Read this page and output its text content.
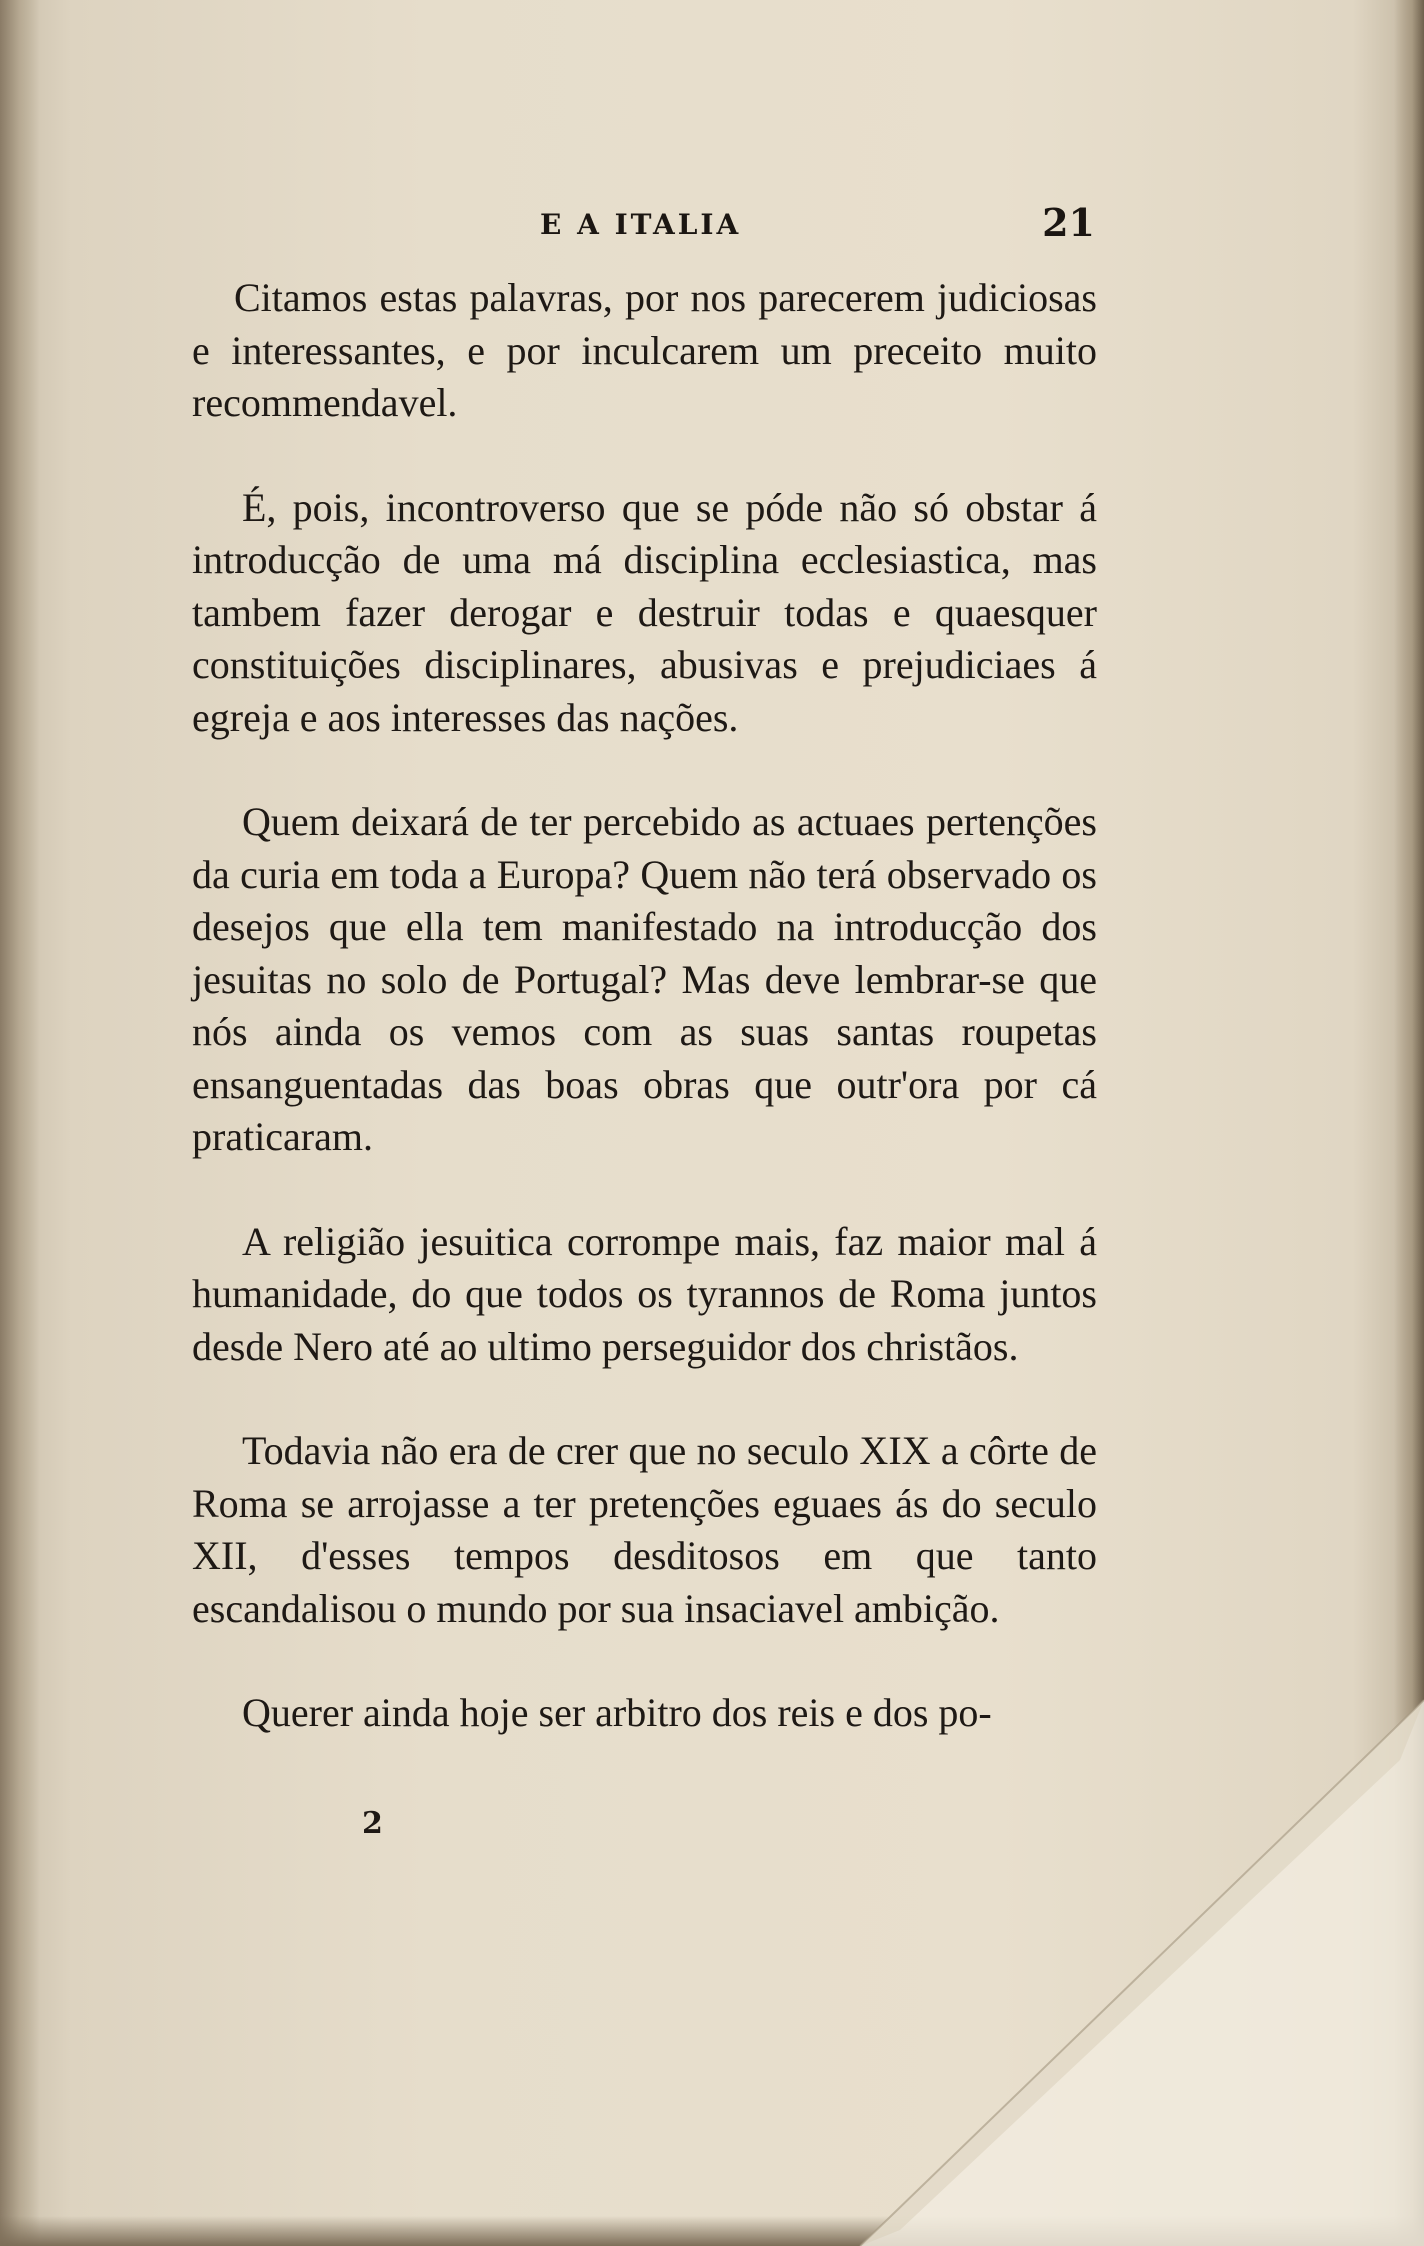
E A ITALIA	21

Citamos estas palavras, por nos parecerem judiciosas e interessantes, e por inculcarem um preceito muito recommendavel.

É, pois, incontroverso que se póde não só obstar á introducção de uma má disciplina ecclesiastica, mas tambem fazer derogar e destruir todas e quaesquer constituições disciplinares, abusivas e prejudiciaes á egreja e aos interesses das nações.

Quem deixará de ter percebido as actuaes pertenções da curia em toda a Europa? Quem não terá observado os desejos que ella tem manifestado na introducção dos jesuitas no solo de Portugal? Mas deve lembrar-se que nós ainda os vemos com as suas santas roupetas ensanguentadas das boas obras que outr'ora por cá praticaram.

A religião jesuitica corrompe mais, faz maior mal á humanidade, do que todos os tyrannos de Roma juntos desde Nero até ao ultimo perseguidor dos christãos.

Todavia não era de crer que no seculo XIX a côrte de Roma se arrojasse a ter pretenções eguaes ás do seculo XII, d'esses tempos desditosos em que tanto escandalisou o mundo por sua insaciavel ambição.

Querer ainda hoje ser arbitro dos reis e dos po-

2
